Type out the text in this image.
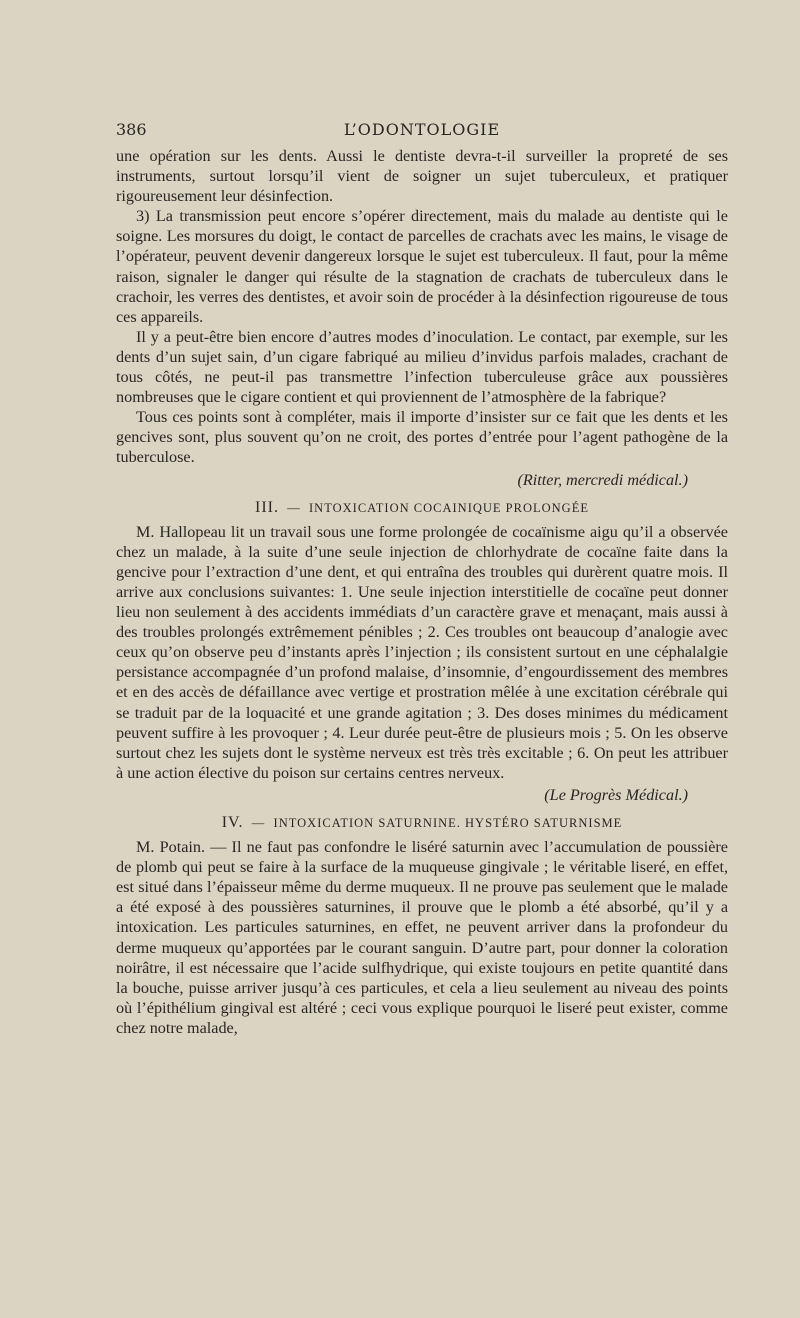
386	L’ODONTOLOGIE

une opération sur les dents. Aussi le dentiste devra-t-il surveiller la propreté de ses instruments, surtout lorsqu’il vient de soigner un sujet tuberculeux, et pratiquer rigoureusement leur désinfection.

3) La transmission peut encore s’opérer directement, mais du malade au dentiste qui le soigne. Les morsures du doigt, le contact de parcelles de crachats avec les mains, le visage de l’opérateur, peuvent devenir dangereux lorsque le sujet est tuberculeux. Il faut, pour la même raison, signaler le danger qui résulte de la stagnation de crachats de tuberculeux dans le crachoir, les verres des dentistes, et avoir soin de procéder à la désinfection rigoureuse de tous ces appareils.

Il y a peut-être bien encore d’autres modes d’inoculation. Le contact, par exemple, sur les dents d’un sujet sain, d’un cigare fabriqué au milieu d’invidus parfois malades, crachant de tous côtés, ne peut-il pas transmettre l’infection tuberculeuse grâce aux poussières nombreuses que le cigare contient et qui proviennent de l’atmosphère de la fabrique?

Tous ces points sont à compléter, mais il importe d’insister sur ce fait que les dents et les gencives sont, plus souvent qu’on ne croit, des portes d’entrée pour l’agent pathogène de la tuberculose.

(Ritter, mercredi médical.)
III. — INTOXICATION COCAINIQUE PROLONGÉE

M. Hallopeau lit un travail sous une forme prolongée de cocaïnisme aigu qu’il a observée chez un malade, à la suite d’une seule injection de chlorhydrate de cocaïne faite dans la gencive pour l’extraction d’une dent, et qui entraîna des troubles qui durèrent quatre mois. Il arrive aux conclusions suivantes: 1. Une seule injection interstitielle de cocaïne peut donner lieu non seulement à des accidents immédiats d’un caractère grave et menaçant, mais aussi à des troubles prolongés extrêmement pénibles ; 2. Ces troubles ont beaucoup d’analogie avec ceux qu’on observe peu d’instants après l’injection ; ils consistent surtout en une céphalalgie persistance accompagnée d’un profond malaise, d’insomnie, d’engourdissement des membres et en des accès de défaillance avec vertige et prostration mêlée à une excitation cérébrale qui se traduit par de la loquacité et une grande agitation ; 3. Des doses minimes du médicament peuvent suffire à les provoquer ; 4. Leur durée peut-être de plusieurs mois ; 5. On les observe surtout chez les sujets dont le système nerveux est très très excitable ; 6. On peut les attribuer à une action élective du poison sur certains centres nerveux.

(Le Progrès Médical.)
IV. — INTOXICATION SATURNINE. HYSTÉRO SATURNISME

M. Potain. — Il ne faut pas confondre le liséré saturnin avec l’accumulation de poussière de plomb qui peut se faire à la surface de la muqueuse gingivale ; le véritable liseré, en effet, est situé dans l’épaisseur même du derme muqueux. Il ne prouve pas seulement que le malade a été exposé à des poussières saturnines, il prouve que le plomb a été absorbé, qu’il y a intoxication. Les particules saturnines, en effet, ne peuvent arriver dans la profondeur du derme muqueux qu’apportées par le courant sanguin. D’autre part, pour donner la coloration noirâtre, il est nécessaire que l’acide sulfhydrique, qui existe toujours en petite quantité dans la bouche, puisse arriver jusqu’à ces particules, et cela a lieu seulement au niveau des points où l’épithélium gingival est altéré ; ceci vous explique pourquoi le liseré peut exister, comme chez notre malade,
